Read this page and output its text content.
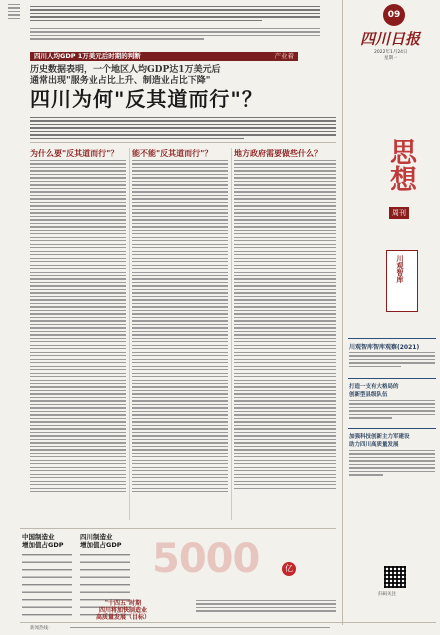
四川人均GDP 1万美元后时期的判断	产业着
历史数据表明，一个地区人均GDP达1万美元后
通常出现"服务业占比上升、制造业占比下降"
四川为何"反其道而行"？
为什么要"反其道而行"？ 能不能"反其道而行"？	地方政府需要做些什么？
09
四川日报
2022年1月24日
星期一
思想
周刊
川观智库
川观智库智库观察(2021)
打造一支有大格局的
创新型县级队伍
加强科技创新主力军建设
助力四川高质量发展
中国制造业
增加值占GDP
四川制造业
增加值占GDP 5000	亿
"十四五"时期
四川将加快制造业
高质量发展（目标）
扫码关注
新闻热线：
